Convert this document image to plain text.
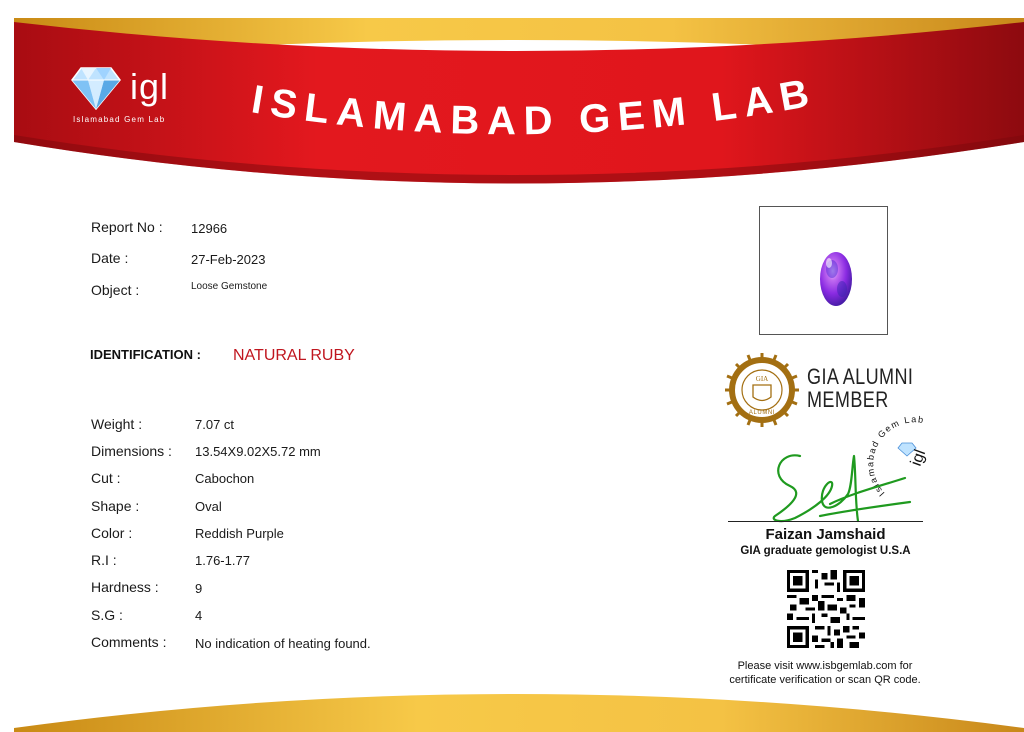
igl
Islamabad Gem Lab ISLAMABAD GEM LAB
Report No : 12966
Date :	27-Feb-2023
Object :	Loose Gemstone
IDENTIFICATION : NATURAL RUBY
Weight :	7.07 ct
Dimensions : 13.54X9.02X5.72 mm
Cut :	Cabochon
Shape :	Oval
Color :	Reddish Purple
R.I :	1.76-1.77
Hardness :	9
S.G :	4
Comments : No indication of heating found.
GIA
ALUMNI
GIA ALUMNI
MEMBER
Islamabad Gem Lab
igl
Faizan Jamshaid
GIA graduate gemologist U.S.A
Please visit www.isbgemlab.com for
certificate verification or scan QR code.
